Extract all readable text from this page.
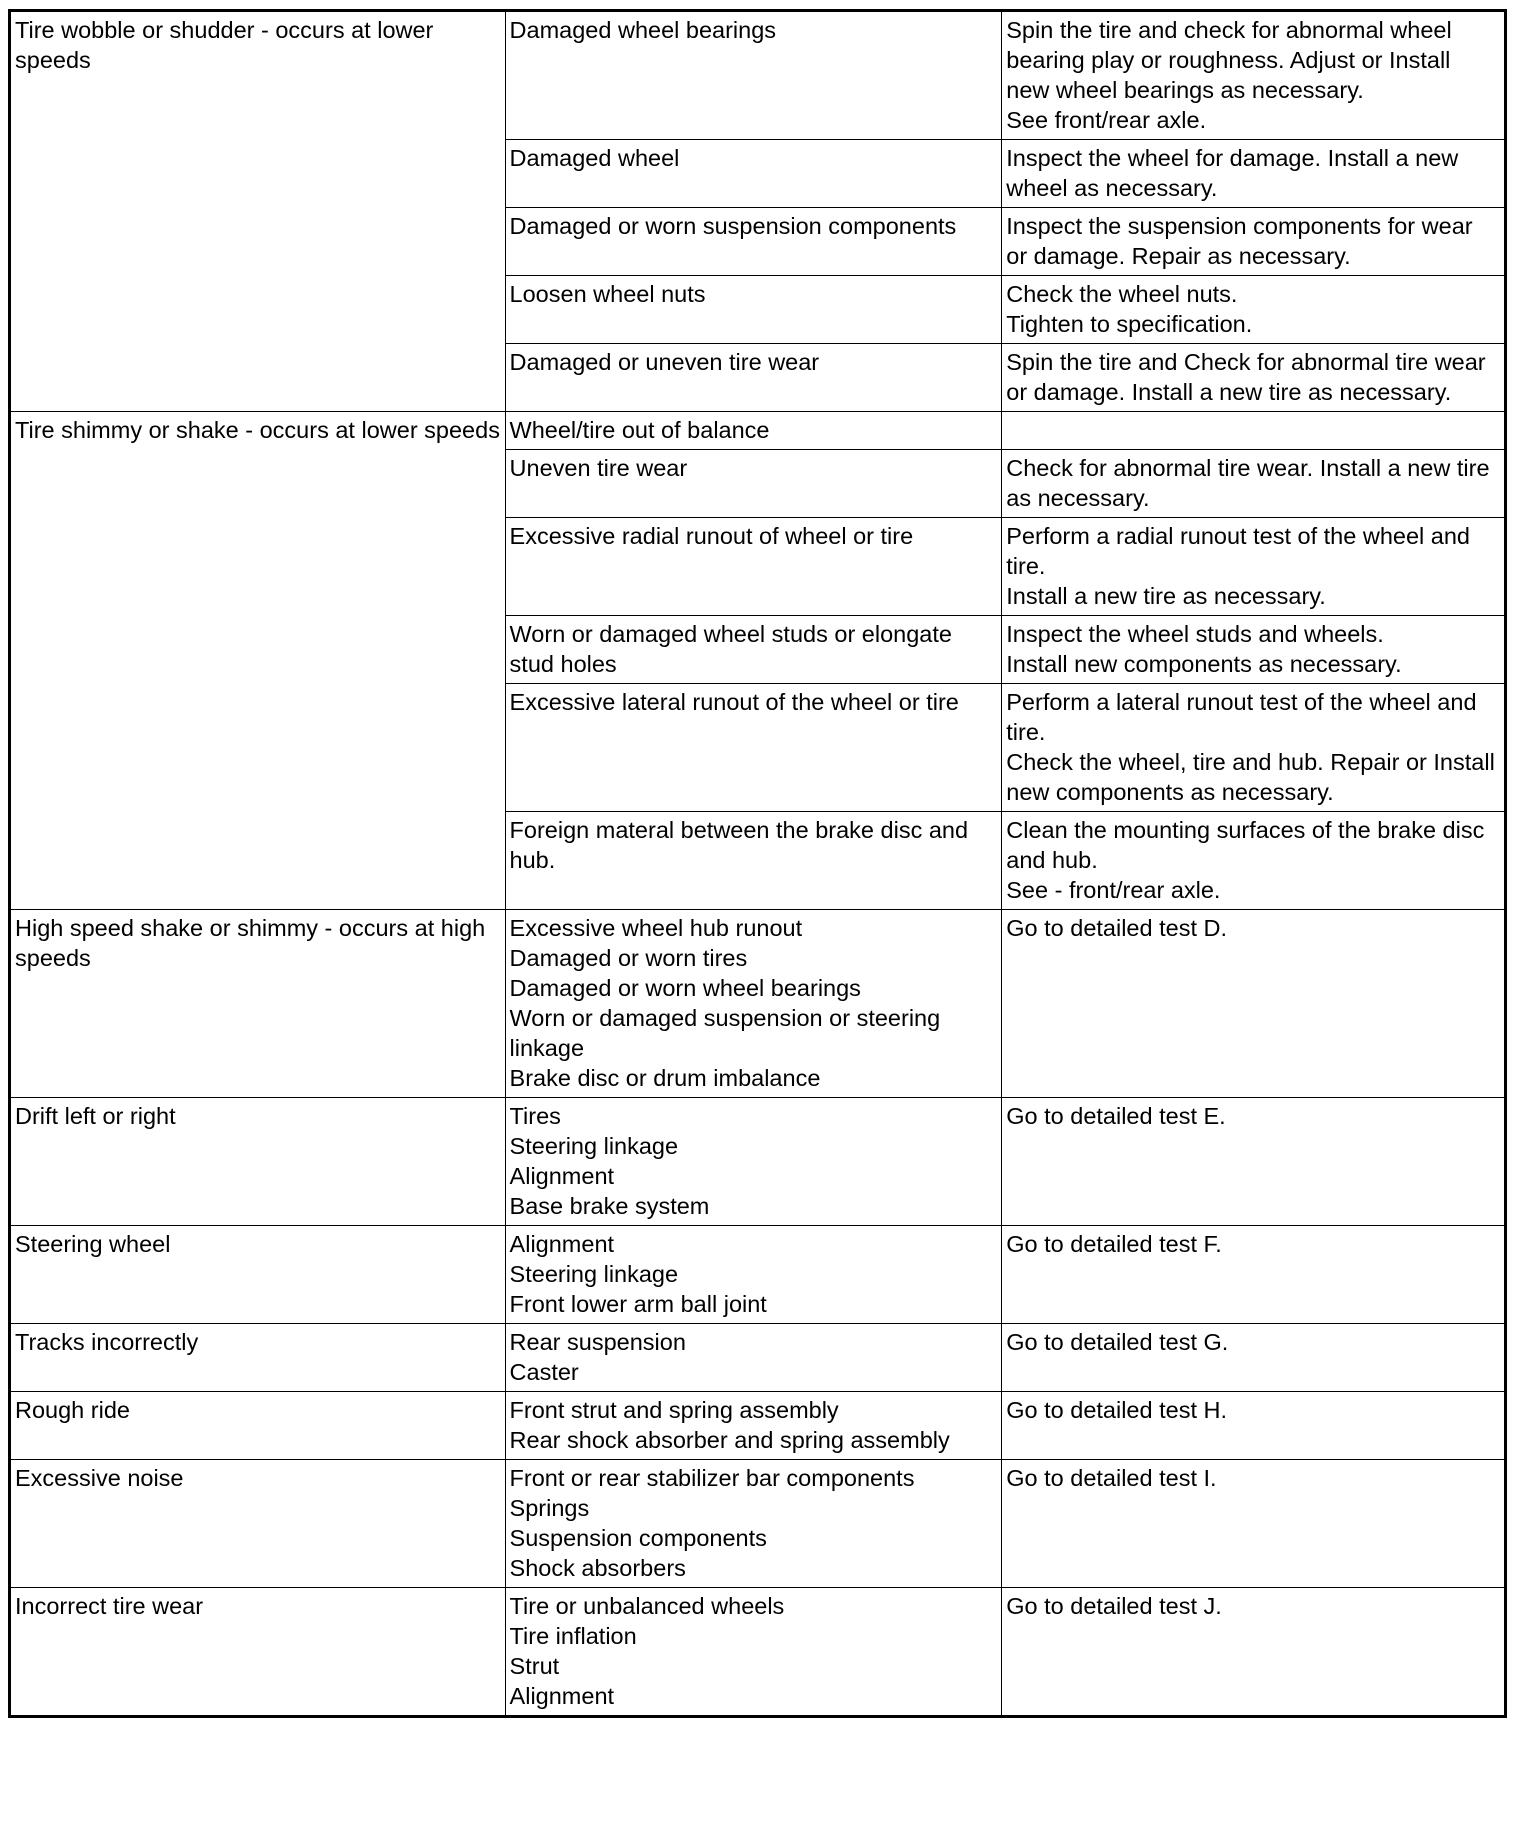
Tire wobble or shudder - occurs at lower speeds	Damaged wheel bearings	Spin the tire and check for abnormal wheel bearing play or roughness. Adjust or Install new wheel bearings as necessary.
See front/rear axle.

	Damaged wheel	Inspect the wheel for damage. Install a new wheel as necessary.

	Damaged or worn suspension components	Inspect the suspension components for wear or damage. Repair as necessary.

	Loosen wheel nuts	Check the wheel nuts.
Tighten to specification.

	Damaged or uneven tire wear	Spin the tire and Check for abnormal tire wear or damage. Install a new tire as necessary.

Tire shimmy or shake - occurs at lower speeds	Wheel/tire out of balance	

	Uneven tire wear	Check for abnormal tire wear. Install a new tire as necessary.

	Excessive radial runout of wheel or tire	Perform a radial runout test of the wheel and tire.
Install a new tire as necessary.

	Worn or damaged wheel studs or elongate stud holes	Inspect the wheel studs and wheels.
Install new components as necessary.

	Excessive lateral runout of the wheel or tire	Perform a lateral runout test of the wheel and tire.
Check the wheel, tire and hub. Repair or Install new components as necessary.

	Foreign materal between the brake disc and hub.	Clean the mounting surfaces of the brake disc and hub.
See - front/rear axle.

High speed shake or shimmy - occurs at high speeds	Excessive wheel hub runout
Damaged or worn tires
Damaged or worn wheel bearings
Worn or damaged suspension or steering linkage
Brake disc or drum imbalance	Go to detailed test D.

Drift left or right	Tires
Steering linkage
Alignment
Base brake system	Go to detailed test E.

Steering wheel	Alignment
Steering linkage
Front lower arm ball joint	Go to detailed test F.

Tracks incorrectly	Rear suspension
Caster	Go to detailed test G.

Rough ride	Front strut and spring assembly
Rear shock absorber and spring assembly	Go to detailed test H.

Excessive noise	Front or rear stabilizer bar components
Springs
Suspension components
Shock absorbers	Go to detailed test I.

Incorrect tire wear	Tire or unbalanced wheels
Tire inflation
Strut
Alignment	Go to detailed test J.
